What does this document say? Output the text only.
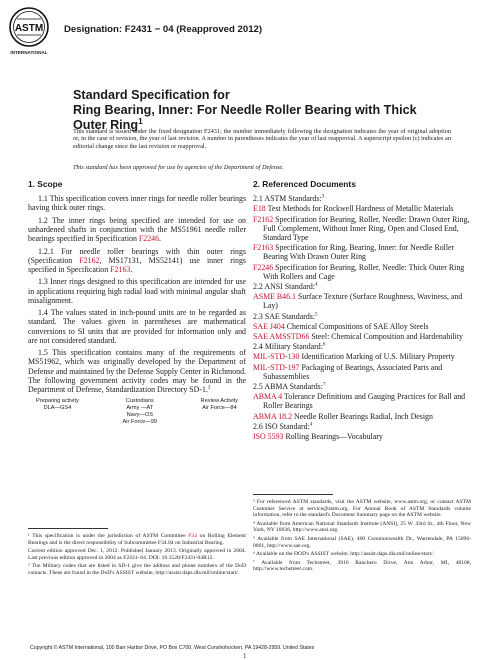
ASTM
INTERNATIONAL
Designation: F2431 − 04 (Reapproved 2012)
Standard Specification for
Ring Bearing, Inner: For Needle Roller Bearing with Thick
Outer Ring$^1$
This standard is issued under the fixed designation F2431; the number immediately following the designation indicates the year of original adoption or, in the case of revision, the year of last revision. A number in parentheses indicates the year of last reapproval. A superscript epsilon (ε) indicates an editorial change since the last revision or reapproval.
This standard has been approved for use by agencies of the Department of Defense.
1. Scope

1.1 This specification covers inner rings for needle roller bearings having thick outer rings.

1.2 The inner rings being specified are intended for use on unhardened shafts in conjunction with the MS51961 needle roller bearings specified in Specification F2246.

1.2.1 For needle roller bearings with thin outer rings (Specification F2162, MS17131, MS52141) use inner rings specified in Specification F2163.

1.3 Inner rings designed to this specification are intended for use in applications requiring high radial load with minimal angular shaft misalignment.

1.4 The values stated in inch-pound units are to be regarded as standard. The values given in parentheses are mathematical conversions to SI units that are provided for information only and are not considered standard.

1.5 This specification contains many of the requirements of MS51962, which was originally developed by the Department of Defense and maintained by the Defense Supply Center in Richmond. The following government activity codes may be found in the Department of Defense, Standardization Directory SD-1.$^2$

Preparing activity
DLA—GS4
Custodians
Army —AT
Navy—OS
Air Force—99
Review Activity
Air Force—84

¹ This specification is under the jurisdiction of ASTM Committee F34 on Rolling Element Bearings and is the direct responsibility of Subcommittee F34.04 on Industrial Bearing.

Current edition approved Dec. 1, 2012. Published January 2013. Originally approved in 2004. Last previous edition approved in 2004 as F2431–04. DOI: 10.1520/F2431-04R12.

² The Military codes that are listed in SD-1 give the address and phone numbers of the DoD contacts. These are found in the DoD's ASSIST website, http://assist.daps.dla.mil/online/start/.

2. Referenced Documents
2.1 ASTM Standards:$^3$

E18 Test Methods for Rockwell Hardness of Metallic Materials

F2162 Specification for Bearing, Roller, Needle: Drawn Outer Ring, Full Complement, Without Inner Ring, Open and Closed End, Standard Type

F2163 Specification for Ring, Bearing, Inner: for Needle Roller Bearing With Drawn Outer Ring

F2246 Specification for Bearing, Roller, Needle: Thick Outer Ring With Rollers and Cage

2.2 ANSI Standard:$^4$

ASME B46.1 Surface Texture (Surface Roughness, Waviness, and Lay)

2.3 SAE Standards:$^5$

SAE J404 Chemical Compositions of SAE Alloy Steels

SAE AMSSTD66 Steel: Chemical Composition and Hardenability

2.4 Military Standard:$^6$

MIL-STD-130 Identification Marking of U.S. Military Property

MIL-STD-197 Packaging of Bearings, Associated Parts and Subassemblies

2.5 ABMA Standards:$^7$

ABMA 4 Tolerance Definitions and Gauging Practices for Ball and Roller Bearings

ABMA 18.2 Needle Roller Bearings Radial, Inch Design

2.6 ISO Standard:$^4$

ISO 5593 Rolling Bearings—Vocabulary

³ For referenced ASTM standards, visit the ASTM website, www.astm.org, or contact ASTM Customer Service at service@astm.org. For Annual Book of ASTM Standards volume information, refer to the standard's Document Summary page on the ASTM website.

⁴ Available from American National Standards Institute (ANSI), 25 W. 43rd St., 4th Floor, New York, NY 10036, http://www.ansi.org.

⁵ Available from SAE International (SAE), 400 Commonwealth Dr., Warrendale, PA 15096-0001, http://www.sae.org.

⁶ Available on the DOD's ASSIST website, http://assist.daps.dla.mil/online/start/.

⁷ Available from Techstreet, 3916 Ranchero Drive, Ann Arbor, MI, 48108, http://www.techstreet.com.

Copyright © ASTM International, 100 Barr Harbor Drive, PO Box C700, West Conshohocken, PA 19428-2959. United States
1
